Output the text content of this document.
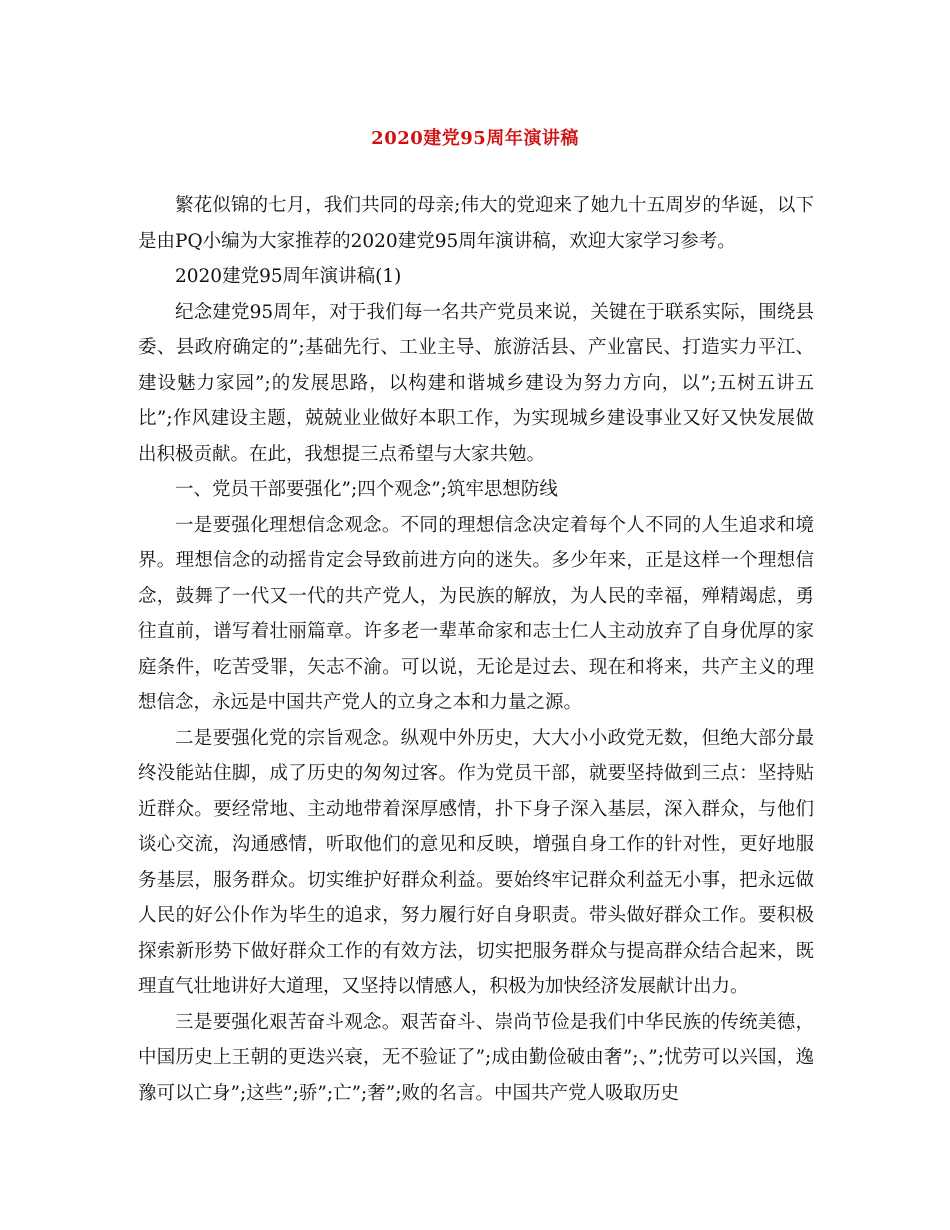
2020建党95周年演讲稿

繁花似锦的七月，我们共同的母亲;伟大的党迎来了她九十五周岁的华诞，以下是由PQ小编为大家推荐的2020建党95周年演讲稿，欢迎大家学习参考。

2020建党95周年演讲稿(1)

纪念建党95周年，对于我们每一名共产党员来说，关键在于联系实际，围绕县委、县政府确定的”;基础先行、工业主导、旅游活县、产业富民、打造实力平江、建设魅力家园”;的发展思路，以构建和谐城乡建设为努力方向，以”;五树五讲五比”;作风建设主题，兢兢业业做好本职工作，为实现城乡建设事业又好又快发展做出积极贡献。在此，我想提三点希望与大家共勉。

一、党员干部要强化”;四个观念”;筑牢思想防线

一是要强化理想信念观念。不同的理想信念决定着每个人不同的人生追求和境界。理想信念的动摇肯定会导致前进方向的迷失。多少年来，正是这样一个理想信念，鼓舞了一代又一代的共产党人，为民族的解放，为人民的幸福，殚精竭虑，勇往直前，谱写着壮丽篇章。许多老一辈革命家和志士仁人主动放弃了自身优厚的家庭条件，吃苦受罪，矢志不渝。可以说，无论是过去、现在和将来，共产主义的理想信念，永远是中国共产党人的立身之本和力量之源。

二是要强化党的宗旨观念。纵观中外历史，大大小小政党无数，但绝大部分最终没能站住脚，成了历史的匆匆过客。作为党员干部，就要坚持做到三点：坚持贴近群众。要经常地、主动地带着深厚感情，扑下身子深入基层，深入群众，与他们谈心交流，沟通感情，听取他们的意见和反映，增强自身工作的针对性，更好地服务基层，服务群众。切实维护好群众利益。要始终牢记群众利益无小事，把永远做人民的好公仆作为毕生的追求，努力履行好自身职责。带头做好群众工作。要积极探索新形势下做好群众工作的有效方法，切实把服务群众与提高群众结合起来，既理直气壮地讲好大道理，又坚持以情感人，积极为加快经济发展献计出力。

三是要强化艰苦奋斗观念。艰苦奋斗、崇尚节俭是我们中华民族的传统美德，中国历史上王朝的更迭兴衰，无不验证了”;成由勤俭破由奢”;、”;忧劳可以兴国，逸豫可以亡身”;这些”;骄”;亡”;奢”;败的名言。中国共产党人吸取历史
